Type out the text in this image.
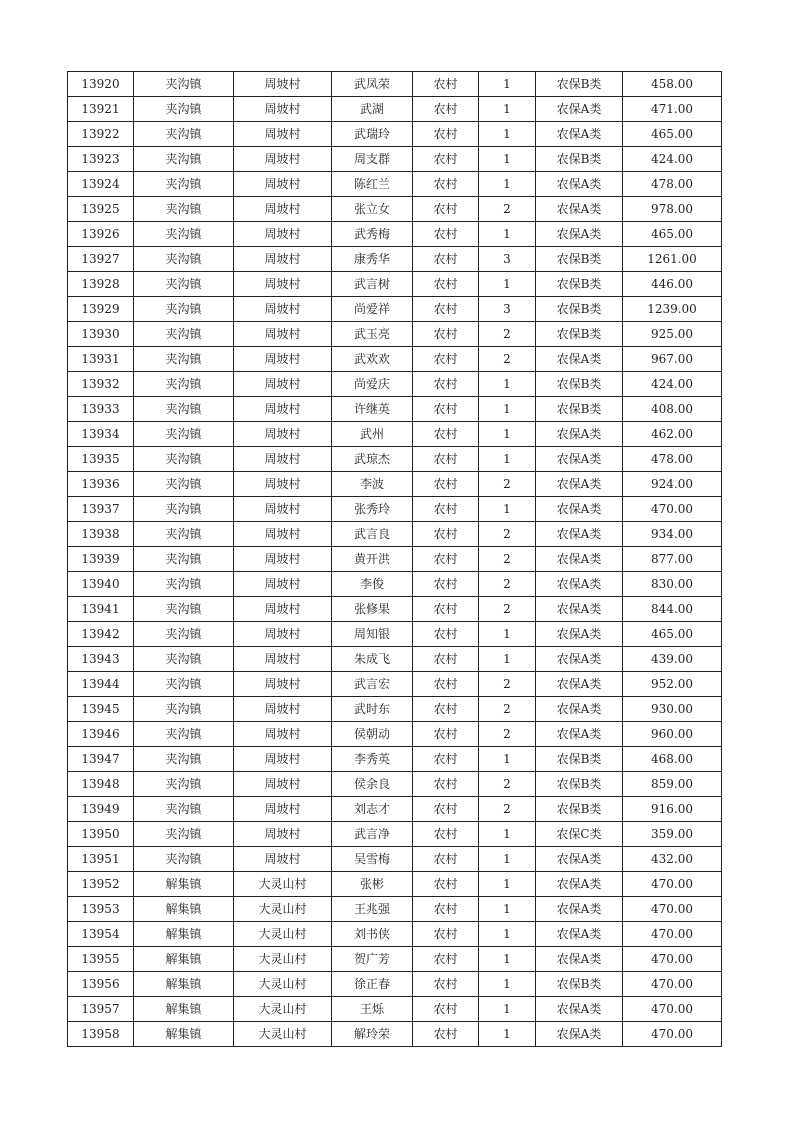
13920	夹沟镇	周坡村	武凤荣	农村	1	农保B类	458.00
13921	夹沟镇	周坡村	武湖	农村	1	农保A类	471.00
13922	夹沟镇	周坡村	武瑞玲	农村	1	农保A类	465.00
13923	夹沟镇	周坡村	周支群	农村	1	农保B类	424.00
13924	夹沟镇	周坡村	陈红兰	农村	1	农保A类	478.00
13925	夹沟镇	周坡村	张立女	农村	2	农保A类	978.00
13926	夹沟镇	周坡村	武秀梅	农村	1	农保A类	465.00
13927	夹沟镇	周坡村	康秀华	农村	3	农保B类	1261.00
13928	夹沟镇	周坡村	武言树	农村	1	农保B类	446.00
13929	夹沟镇	周坡村	尚爱祥	农村	3	农保B类	1239.00
13930	夹沟镇	周坡村	武玉亮	农村	2	农保B类	925.00
13931	夹沟镇	周坡村	武欢欢	农村	2	农保A类	967.00
13932	夹沟镇	周坡村	尚爱庆	农村	1	农保B类	424.00
13933	夹沟镇	周坡村	许继英	农村	1	农保B类	408.00
13934	夹沟镇	周坡村	武州	农村	1	农保A类	462.00
13935	夹沟镇	周坡村	武琼杰	农村	1	农保A类	478.00
13936	夹沟镇	周坡村	李波	农村	2	农保A类	924.00
13937	夹沟镇	周坡村	张秀玲	农村	1	农保A类	470.00
13938	夹沟镇	周坡村	武言良	农村	2	农保A类	934.00
13939	夹沟镇	周坡村	黄开洪	农村	2	农保A类	877.00
13940	夹沟镇	周坡村	李俊	农村	2	农保A类	830.00
13941	夹沟镇	周坡村	张修果	农村	2	农保A类	844.00
13942	夹沟镇	周坡村	周知银	农村	1	农保A类	465.00
13943	夹沟镇	周坡村	朱成飞	农村	1	农保A类	439.00
13944	夹沟镇	周坡村	武言宏	农村	2	农保A类	952.00
13945	夹沟镇	周坡村	武时东	农村	2	农保A类	930.00
13946	夹沟镇	周坡村	侯朝动	农村	2	农保A类	960.00
13947	夹沟镇	周坡村	李秀英	农村	1	农保B类	468.00
13948	夹沟镇	周坡村	侯余良	农村	2	农保B类	859.00
13949	夹沟镇	周坡村	刘志才	农村	2	农保B类	916.00
13950	夹沟镇	周坡村	武言净	农村	1	农保C类	359.00
13951	夹沟镇	周坡村	吴雪梅	农村	1	农保A类	432.00
13952	解集镇	大灵山村	张彬	农村	1	农保A类	470.00
13953	解集镇	大灵山村	王兆强	农村	1	农保A类	470.00
13954	解集镇	大灵山村	刘书侠	农村	1	农保A类	470.00
13955	解集镇	大灵山村	贺广芳	农村	1	农保A类	470.00
13956	解集镇	大灵山村	徐正春	农村	1	农保B类	470.00
13957	解集镇	大灵山村	王烁	农村	1	农保A类	470.00
13958	解集镇	大灵山村	解玲荣	农村	1	农保A类	470.00
